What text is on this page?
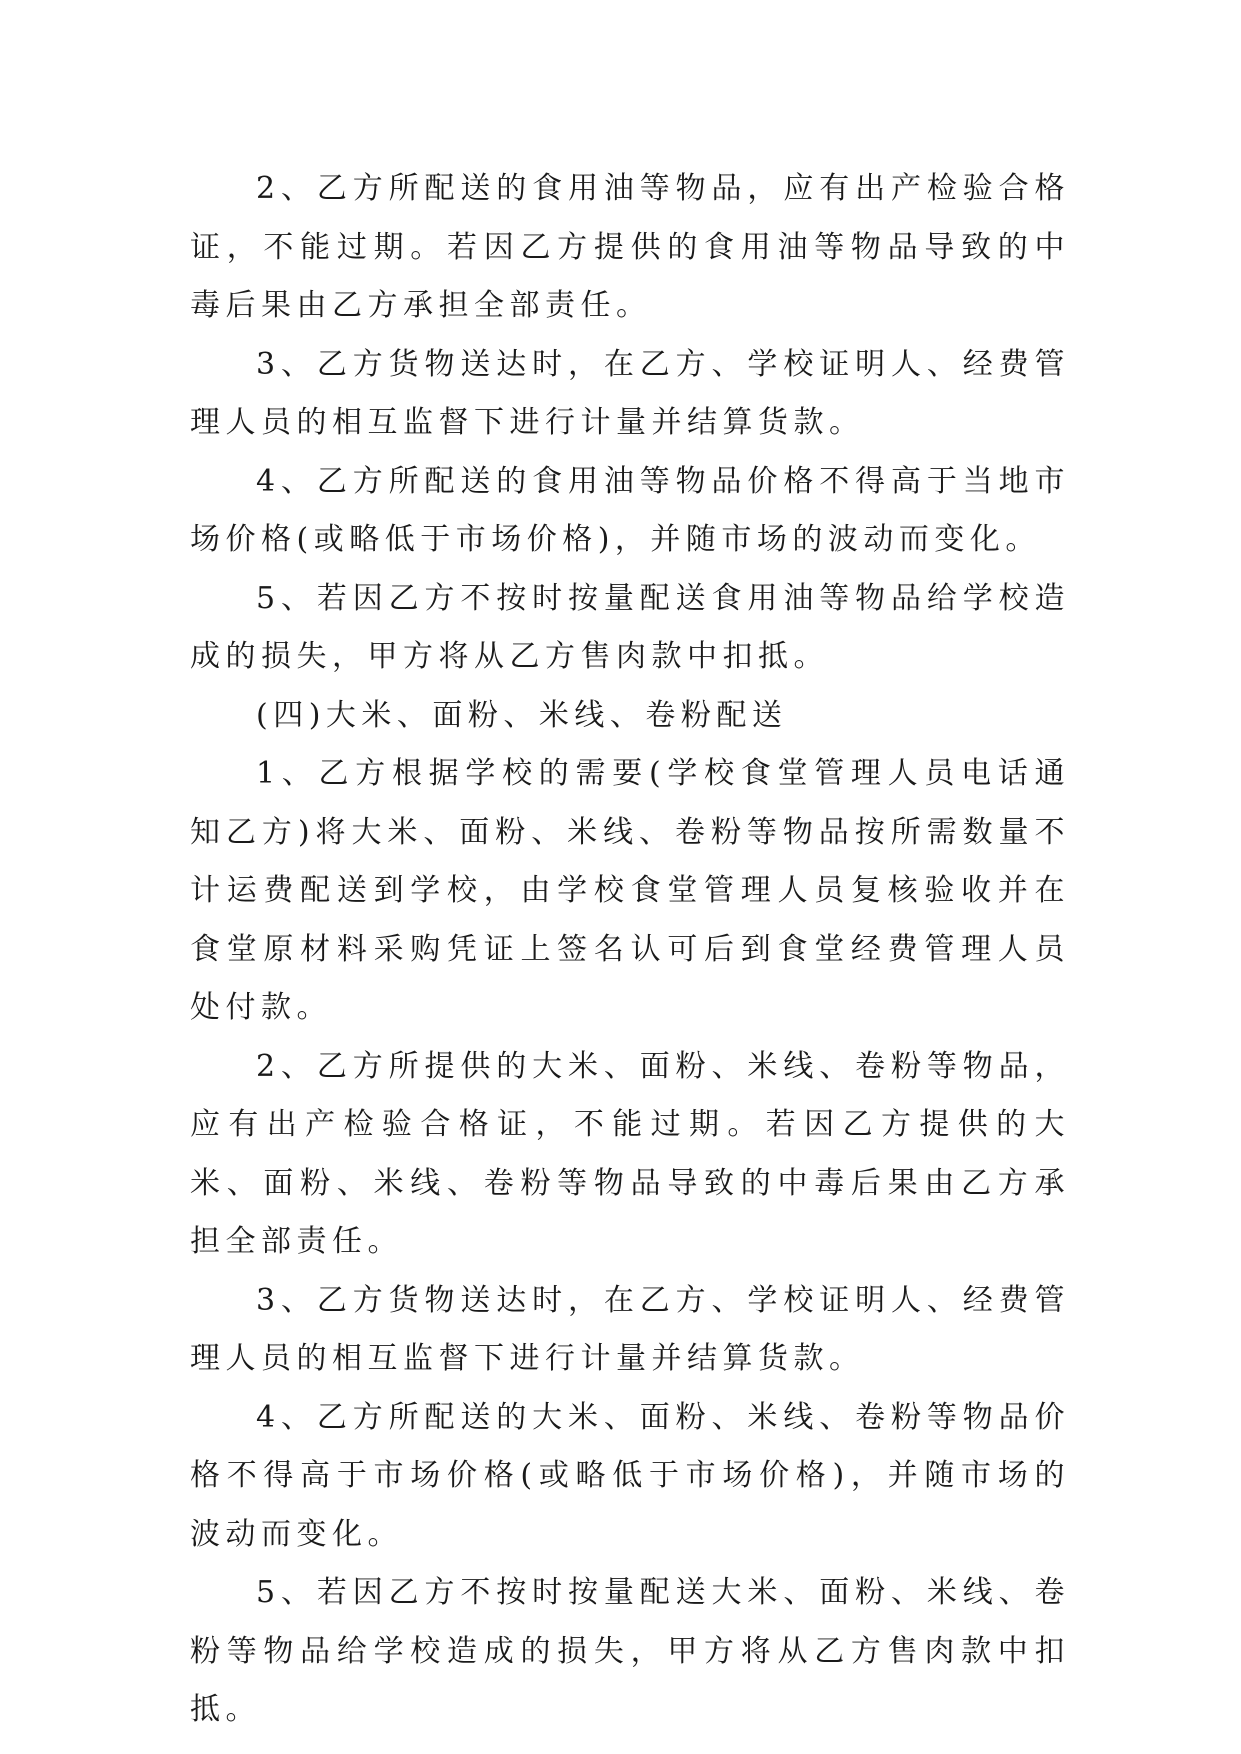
2、乙方所配送的食用油等物品，应有出产检验合格证，不能过期。若因乙方提供的食用油等物品导致的中毒后果由乙方承担全部责任。

3、乙方货物送达时，在乙方、学校证明人、经费管理人员的相互监督下进行计量并结算货款。

4、乙方所配送的食用油等物品价格不得高于当地市场价格(或略低于市场价格)，并随市场的波动而变化。

5、若因乙方不按时按量配送食用油等物品给学校造成的损失，甲方将从乙方售肉款中扣抵。

(四)大米、面粉、米线、卷粉配送

1、乙方根据学校的需要(学校食堂管理人员电话通知乙方)将大米、面粉、米线、卷粉等物品按所需数量不计运费配送到学校，由学校食堂管理人员复核验收并在食堂原材料采购凭证上签名认可后到食堂经费管理人员处付款。

2、乙方所提供的大米、面粉、米线、卷粉等物品，应有出产检验合格证，不能过期。若因乙方提供的大米、面粉、米线、卷粉等物品导致的中毒后果由乙方承担全部责任。

3、乙方货物送达时，在乙方、学校证明人、经费管理人员的相互监督下进行计量并结算货款。

4、乙方所配送的大米、面粉、米线、卷粉等物品价格不得高于市场价格(或略低于市场价格)，并随市场的波动而变化。

5、若因乙方不按时按量配送大米、面粉、米线、卷粉等物品给学校造成的损失，甲方将从乙方售肉款中扣抵。
